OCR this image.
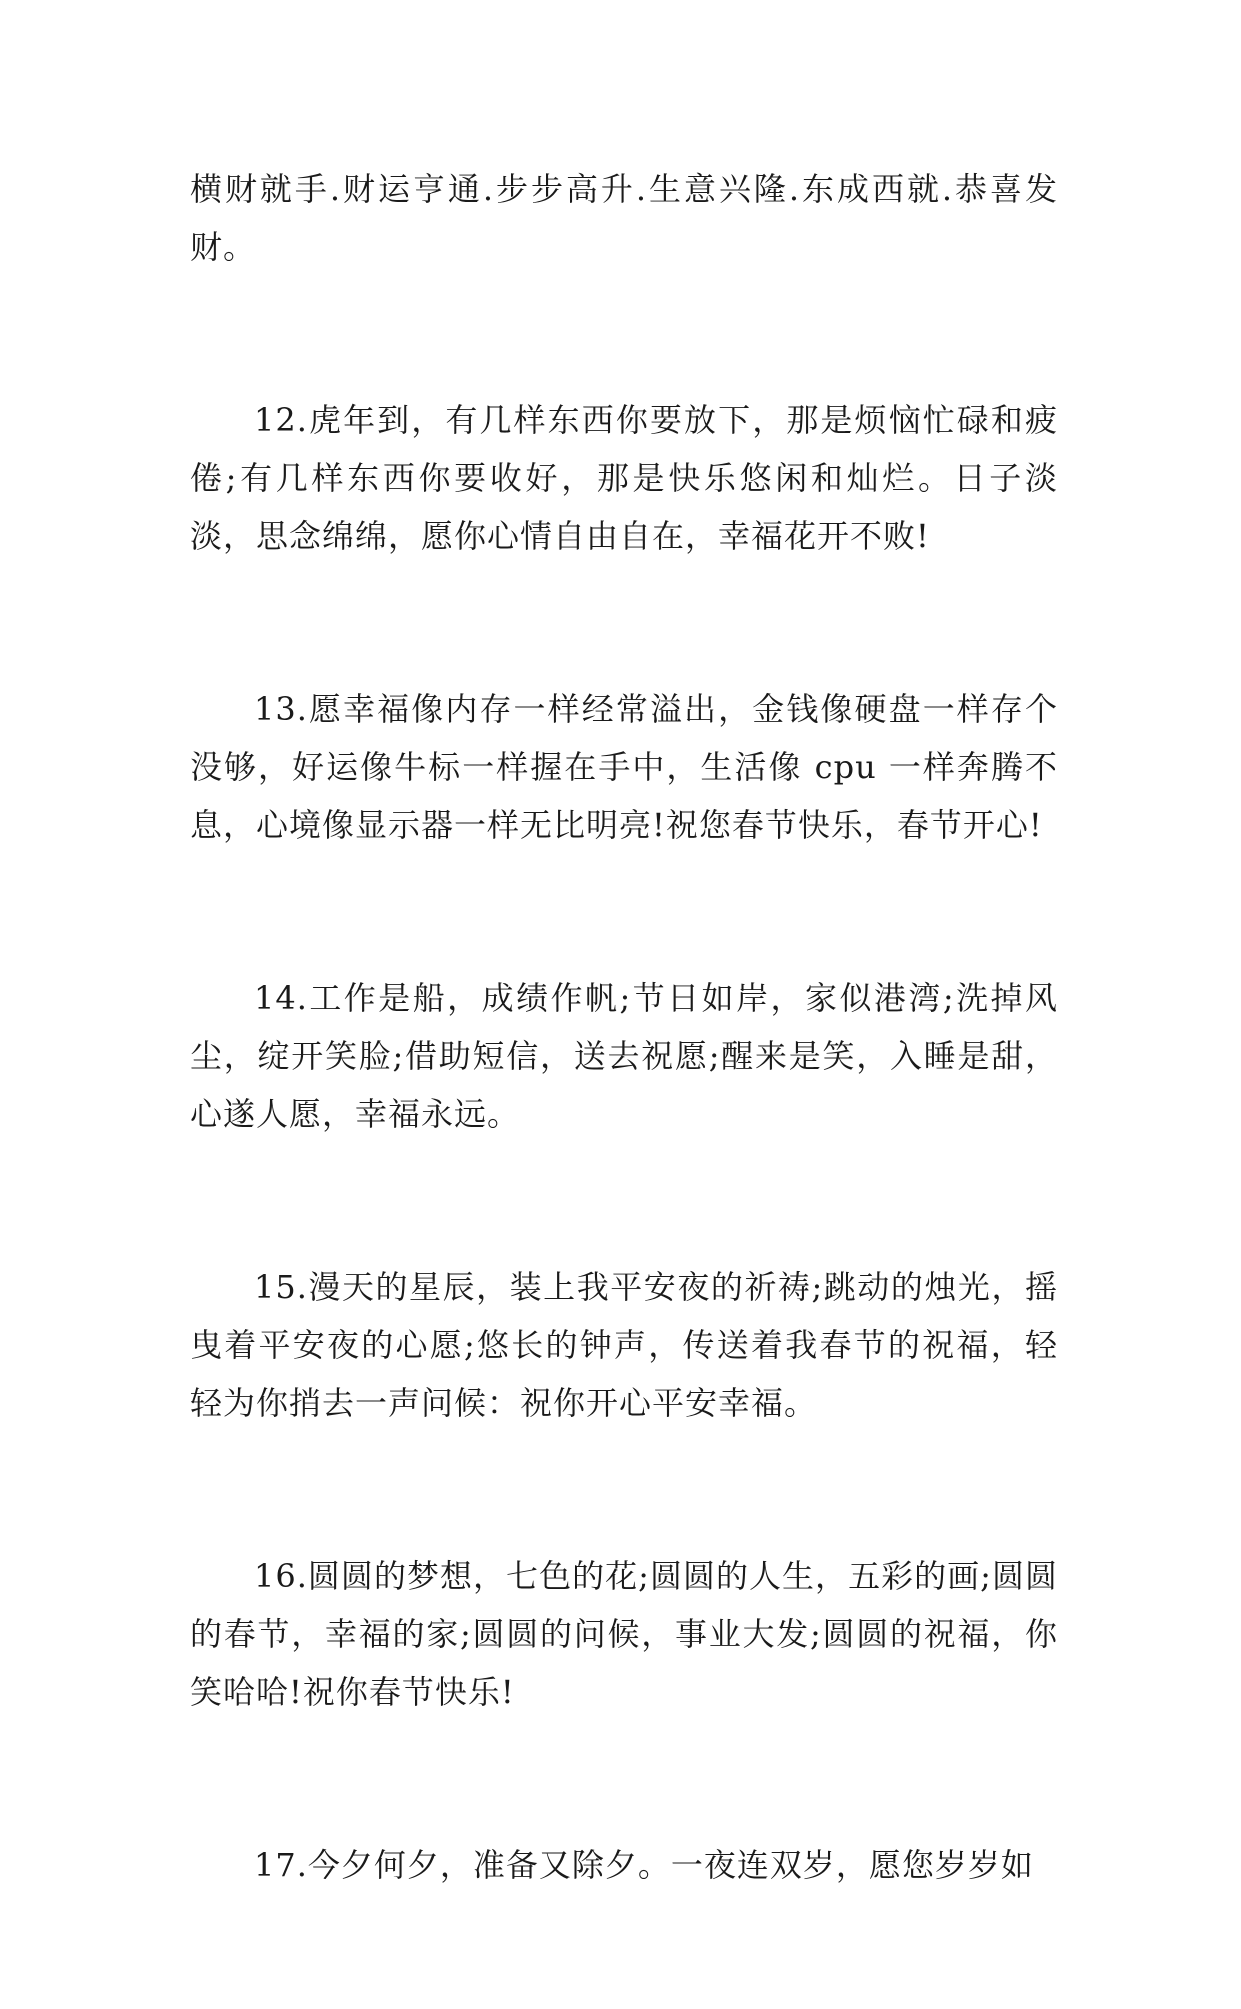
横财就手.财运亨通.步步高升.生意兴隆.东成西就.恭喜发财。

12.虎年到，有几样东西你要放下，那是烦恼忙碌和疲倦;有几样东西你要收好，那是快乐悠闲和灿烂。日子淡淡，思念绵绵，愿你心情自由自在，幸福花开不败!

13.愿幸福像内存一样经常溢出，金钱像硬盘一样存个没够，好运像牛标一样握在手中，生活像 cpu 一样奔腾不息，心境像显示器一样无比明亮!祝您春节快乐，春节开心!

14.工作是船，成绩作帆;节日如岸，家似港湾;洗掉风尘，绽开笑脸;借助短信，送去祝愿;醒来是笑，入睡是甜，心遂人愿，幸福永远。

15.漫天的星辰，装上我平安夜的祈祷;跳动的烛光，摇曳着平安夜的心愿;悠长的钟声，传送着我春节的祝福，轻轻为你捎去一声问候：祝你开心平安幸福。

16.圆圆的梦想，七色的花;圆圆的人生，五彩的画;圆圆的春节，幸福的家;圆圆的问候，事业大发;圆圆的祝福，你笑哈哈!祝你春节快乐!

17.今夕何夕，准备又除夕。一夜连双岁，愿您岁岁如
